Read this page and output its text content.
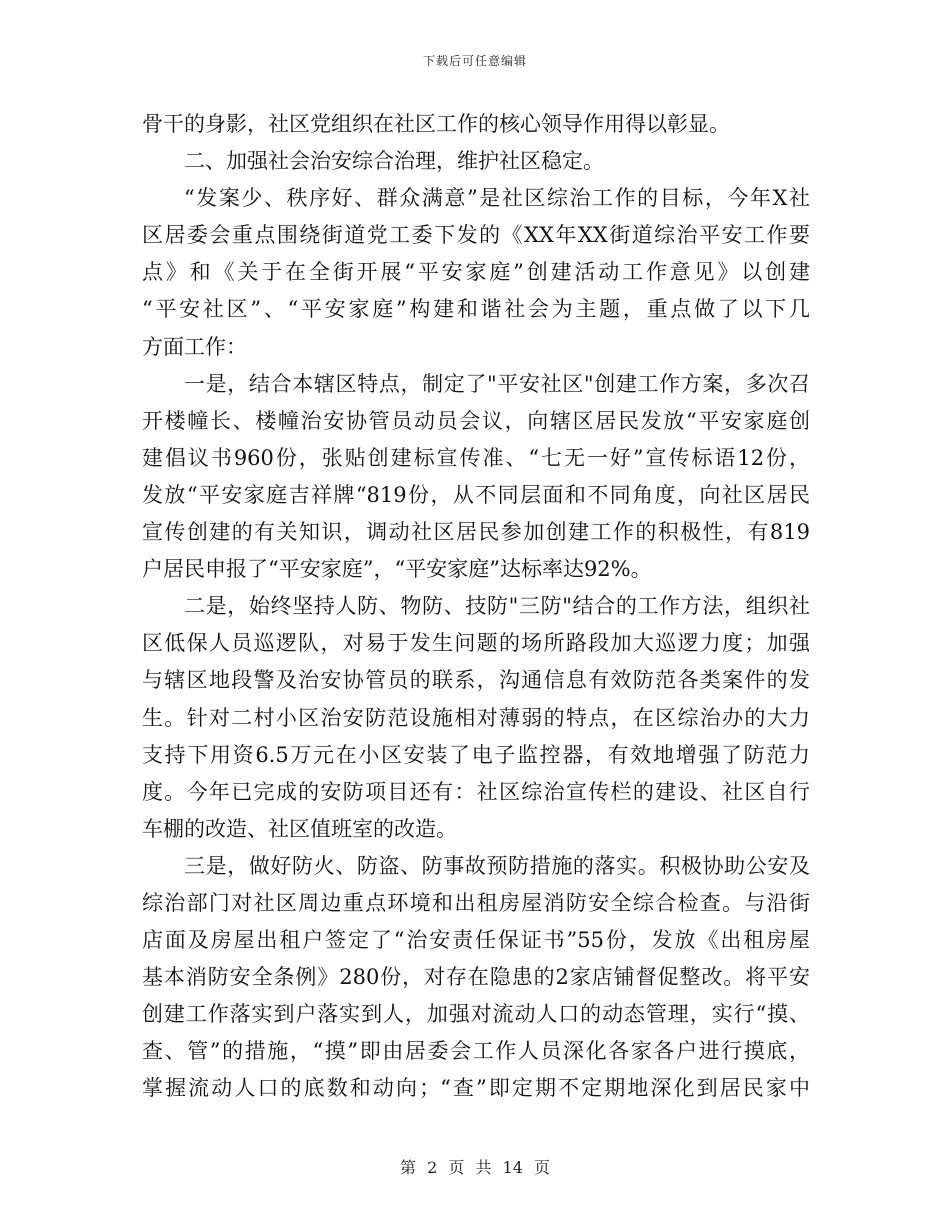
下载后可任意编辑
骨干的身影，社区党组织在社区工作的核心领导作用得以彰显。
二、加强社会治安综合治理，维护社区稳定。
“发案少、秩序好、群众满意”是社区综治工作的目标，今年X社
区居委会重点围绕街道党工委下发的《XX年XX街道综治平安工作要
点》和《关于在全街开展“平安家庭”创建活动工作意见》以创建
“平安社区”、“平安家庭”构建和谐社会为主题，重点做了以下几
方面工作：
一是，结合本辖区特点，制定了"平安社区"创建工作方案，多次召
开楼幢长、楼幢治安协管员动员会议，向辖区居民发放“平安家庭创
建倡议书960份，张贴创建标宣传准、“七无一好”宣传标语12份，
发放“平安家庭吉祥牌“819份，从不同层面和不同角度，向社区居民
宣传创建的有关知识，调动社区居民参加创建工作的积极性，有819
户居民申报了“平安家庭”，“平安家庭”达标率达92%。
二是，始终坚持人防、物防、技防"三防"结合的工作方法，组织社
区低保人员巡逻队，对易于发生问题的场所路段加大巡逻力度；加强
与辖区地段警及治安协管员的联系，沟通信息有效防范各类案件的发
生。针对二村小区治安防范设施相对薄弱的特点，在区综治办的大力
支持下用资6.5万元在小区安装了电子监控器，有效地增强了防范力
度。今年已完成的安防项目还有：社区综治宣传栏的建设、社区自行
车棚的改造、社区值班室的改造。
三是，做好防火、防盗、防事故预防措施的落实。积极协助公安及
综治部门对社区周边重点环境和出租房屋消防安全综合检查。与沿街
店面及房屋出租户签定了“治安责任保证书”55份，发放《出租房屋
基本消防安全条例》280份，对存在隐患的2家店铺督促整改。将平安
创建工作落实到户落实到人，加强对流动人口的动态管理，实行“摸、
查、管”的措施，“摸”即由居委会工作人员深化各家各户进行摸底，
掌握流动人口的底数和动向；“查”即定期不定期地深化到居民家中
第 2 页 共 14 页
